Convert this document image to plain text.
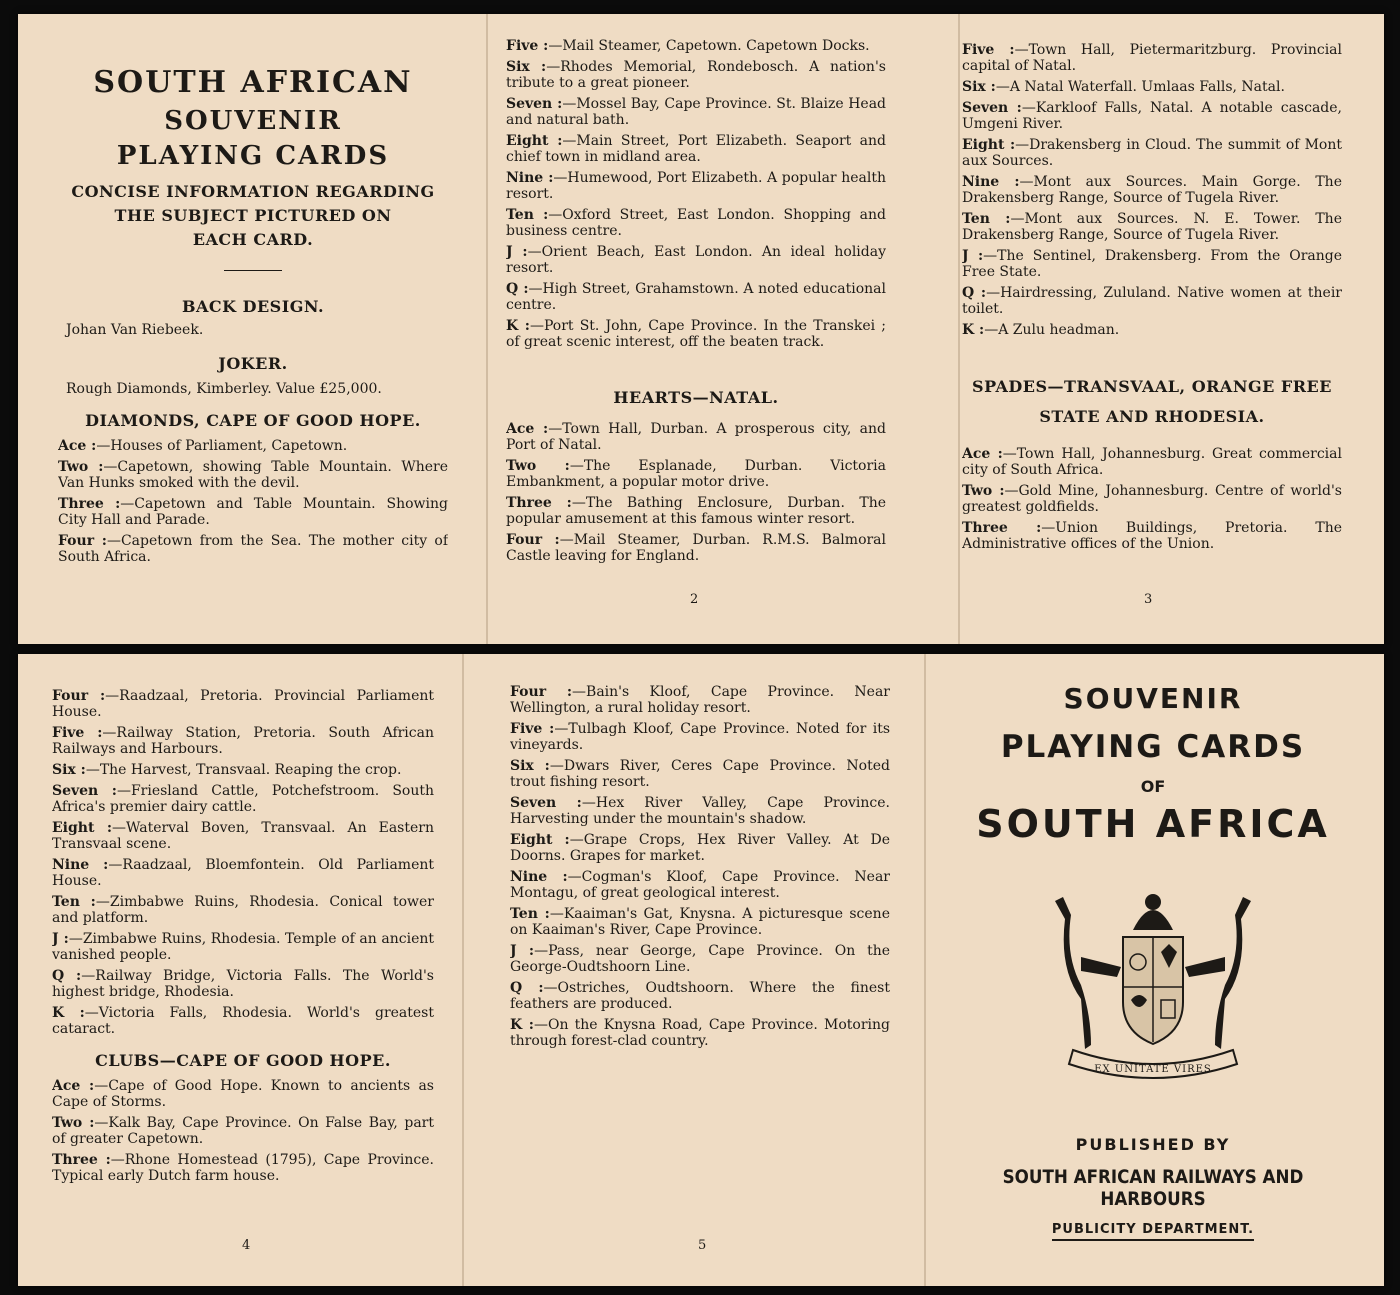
SOUTH AFRICAN
SOUVENIR
PLAYING CARDS
CONCISE INFORMATION REGARDING
THE SUBJECT PICTURED ON
EACH CARD.
BACK DESIGN.
Johan Van Riebeek.
JOKER.
Rough Diamonds, Kimberley. Value £25,000.
DIAMONDS, CAPE OF GOOD HOPE.
Ace :—Houses of Parliament, Capetown.
Two :—Capetown, showing Table Mountain. Where Van Hunks smoked with the devil.
Three :—Capetown and Table Mountain. Showing City Hall and Parade.
Four :—Capetown from the Sea. The mother city of South Africa.
Five :—Mail Steamer, Capetown. Capetown Docks.
Six :—Rhodes Memorial, Rondebosch. A nation's tribute to a great pioneer.
Seven :—Mossel Bay, Cape Province. St. Blaize Head and natural bath.
Eight :—Main Street, Port Elizabeth. Seaport and chief town in midland area.
Nine :—Humewood, Port Elizabeth. A popular health resort.
Ten :—Oxford Street, East London. Shopping and business centre.
J :—Orient Beach, East London. An ideal holiday resort.
Q :—High Street, Grahamstown. A noted educational centre.
K :—Port St. John, Cape Province. In the Transkei ; of great scenic interest, off the beaten track.
HEARTS—NATAL.
Ace :—Town Hall, Durban. A prosperous city, and Port of Natal.
Two :—The Esplanade, Durban. Victoria Embankment, a popular motor drive.
Three :—The Bathing Enclosure, Durban. The popular amusement at this famous winter resort.
Four :—Mail Steamer, Durban. R.M.S. Balmoral Castle leaving for England.
2
Five :—Town Hall, Pietermaritzburg. Provincial capital of Natal.
Six :—A Natal Waterfall. Umlaas Falls, Natal.
Seven :—Karkloof Falls, Natal. A notable cascade, Umgeni River.
Eight :—Drakensberg in Cloud. The summit of Mont aux Sources.
Nine :—Mont aux Sources. Main Gorge. The Drakensberg Range, Source of Tugela River.
Ten :—Mont aux Sources. N. E. Tower. The Drakensberg Range, Source of Tugela River.
J :—The Sentinel, Drakensberg. From the Orange Free State.
Q :—Hairdressing, Zululand. Native women at their toilet.
K :—A Zulu headman.
SPADES—TRANSVAAL, ORANGE FREE
STATE AND RHODESIA.
Ace :—Town Hall, Johannesburg. Great commercial city of South Africa.
Two :—Gold Mine, Johannesburg. Centre of world's greatest goldfields.
Three :—Union Buildings, Pretoria. The Administrative offices of the Union.
3
Four :—Raadzaal, Pretoria. Provincial Parliament House.
Five :—Railway Station, Pretoria. South African Railways and Harbours.
Six :—The Harvest, Transvaal. Reaping the crop.
Seven :—Friesland Cattle, Potchefstroom. South Africa's premier dairy cattle.
Eight :—Waterval Boven, Transvaal. An Eastern Transvaal scene.
Nine :—Raadzaal, Bloemfontein. Old Parliament House.
Ten :—Zimbabwe Ruins, Rhodesia. Conical tower and platform.
J :—Zimbabwe Ruins, Rhodesia. Temple of an ancient vanished people.
Q :—Railway Bridge, Victoria Falls. The World's highest bridge, Rhodesia.
K :—Victoria Falls, Rhodesia. World's greatest cataract.
CLUBS—CAPE OF GOOD HOPE.
Ace :—Cape of Good Hope. Known to ancients as Cape of Storms.
Two :—Kalk Bay, Cape Province. On False Bay, part of greater Capetown.
Three :—Rhone Homestead (1795), Cape Province. Typical early Dutch farm house.
4
Four :—Bain's Kloof, Cape Province. Near Wellington, a rural holiday resort.
Five :—Tulbagh Kloof, Cape Province. Noted for its vineyards.
Six :—Dwars River, Ceres Cape Province. Noted trout fishing resort.
Seven :—Hex River Valley, Cape Province. Harvesting under the mountain's shadow.
Eight :—Grape Crops, Hex River Valley. At De Doorns. Grapes for market.
Nine :—Cogman's Kloof, Cape Province. Near Montagu, of great geological interest.
Ten :—Kaaiman's Gat, Knysna. A picturesque scene on Kaaiman's River, Cape Province.
J :—Pass, near George, Cape Province. On the George-Oudtshoorn Line.
Q :—Ostriches, Oudtshoorn. Where the finest feathers are produced.
K :—On the Knysna Road, Cape Province. Motoring through forest-clad country.
5
SOUVENIR
PLAYING CARDS
OF
SOUTH AFRICA
EX UNITATE VIRES
PUBLISHED BY
SOUTH AFRICAN RAILWAYS AND HARBOURS
PUBLICITY DEPARTMENT.
